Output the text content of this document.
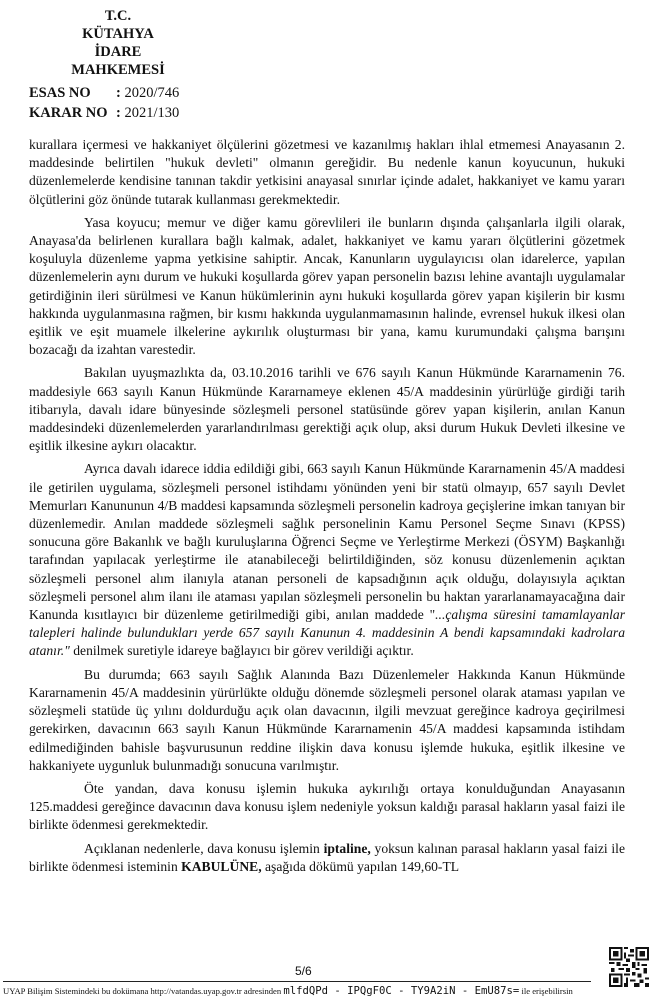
T.C.
KÜTAHYA
İDARE MAHKEMESİ
ESAS NO : 2020/746
KARAR NO : 2021/130

kurallara içermesi ve hakkaniyet ölçülerini gözetmesi ve kazanılmış hakları ihlal etmemesi Anayasanın 2. maddesinde belirtilen "hukuk devleti" olmanın gereğidir. Bu nedenle kanun koyucunun, hukuki düzenlemelerde kendisine tanınan takdir yetkisini anayasal sınırlar içinde adalet, hakkaniyet ve kamu yararı ölçütlerini göz önünde tutarak kullanması gerekmektedir.

Yasa koyucu; memur ve diğer kamu görevlileri ile bunların dışında çalışanlarla ilgili olarak, Anayasa'da belirlenen kurallara bağlı kalmak, adalet, hakkaniyet ve kamu yararı ölçütlerini gözetmek koşuluyla düzenleme yapma yetkisine sahiptir. Ancak, Kanunların uygulayıcısı olan idarelerce, yapılan düzenlemelerin aynı durum ve hukuki koşullarda görev yapan personelin bazısı lehine avantajlı uygulamalar getirdiğinin ileri sürülmesi ve Kanun hükümlerinin aynı hukuki koşullarda görev yapan kişilerin bir kısmı hakkında uygulanmasına rağmen, bir kısmı hakkında uygulanmamasının halinde, evrensel hukuk ilkesi olan eşitlik ve eşit muamele ilkelerine aykırılık oluşturması bir yana, kamu kurumundaki çalışma barışını bozacağı da izahtan varestedir.

Bakılan uyuşmazlıkta da, 03.10.2016 tarihli ve 676 sayılı Kanun Hükmünde Kararnamenin 76. maddesiyle 663 sayılı Kanun Hükmünde Kararnameye eklenen 45/A maddesinin yürürlüğe girdiği tarih itibarıyla, davalı idare bünyesinde sözleşmeli personel statüsünde görev yapan kişilerin, anılan Kanun maddesindeki düzenlemelerden yararlandırılması gerektiği açık olup, aksi durum Hukuk Devleti ilkesine ve eşitlik ilkesine aykırı olacaktır.

Ayrıca davalı idarece iddia edildiği gibi, 663 sayılı Kanun Hükmünde Kararnamenin 45/A maddesi ile getirilen uygulama, sözleşmeli personel istihdamı yönünden yeni bir statü olmayıp, 657 sayılı Devlet Memurları Kanununun 4/B maddesi kapsamında sözleşmeli personelin kadroya geçişlerine imkan tanıyan bir düzenlemedir. Anılan maddede sözleşmeli sağlık personelinin Kamu Personel Seçme Sınavı (KPSS) sonucuna göre Bakanlık ve bağlı kuruluşlarına Öğrenci Seçme ve Yerleştirme Merkezi (ÖSYM) Başkanlığı tarafından yapılacak yerleştirme ile atanabileceği belirtildiğinden, söz konusu düzenlemenin açıktan sözleşmeli personel alım ilanıyla atanan personeli de kapsadığının açık olduğu, dolayısıyla açıktan sözleşmeli personel alım ilanı ile ataması yapılan sözleşmeli personelin bu haktan yararlanamayacağına dair Kanunda kısıtlayıcı bir düzenleme getirilmediği gibi, anılan maddede "...çalışma süresini tamamlayanlar talepleri halinde bulundukları yerde 657 sayılı Kanunun 4. maddesinin A bendi kapsamındaki kadrolara atanır." denilmek suretiyle idareye bağlayıcı bir görev verildiği açıktır.

Bu durumda; 663 sayılı Sağlık Alanında Bazı Düzenlemeler Hakkında Kanun Hükmünde Kararnamenin 45/A maddesinin yürürlükte olduğu dönemde sözleşmeli personel olarak ataması yapılan ve sözleşmeli statüde üç yılını doldurduğu açık olan davacının, ilgili mevzuat gereğince kadroya geçirilmesi gerekirken, davacının 663 sayılı Kanun Hükmünde Kararnamenin 45/A maddesi kapsamında istihdam edilmediğinden bahisle başvurusunun reddine ilişkin dava konusu işlemde hukuka, eşitlik ilkesine ve hakkaniyete uygunluk bulunmadığı sonucuna varılmıştır.

Öte yandan, dava konusu işlemin hukuka aykırılığı ortaya konulduğundan Anayasanın 125.maddesi gereğince davacının dava konusu işlem nedeniyle yoksun kaldığı parasal hakların yasal faizi ile birlikte ödenmesi gerekmektedir.

Açıklanan nedenlerle, dava konusu işlemin iptaline, yoksun kalınan parasal hakların yasal faizi ile birlikte ödenmesi isteminin KABULÜNE, aşağıda dökümü yapılan 149,60-TL

5/6
UYAP Bilişim Sistemindeki bu dokümana http://vatandas.uyap.gov.tr adresinden mlfdQPd - IPQgF0C - TY9A2iN - EmU87s= ile erişebilirsin
